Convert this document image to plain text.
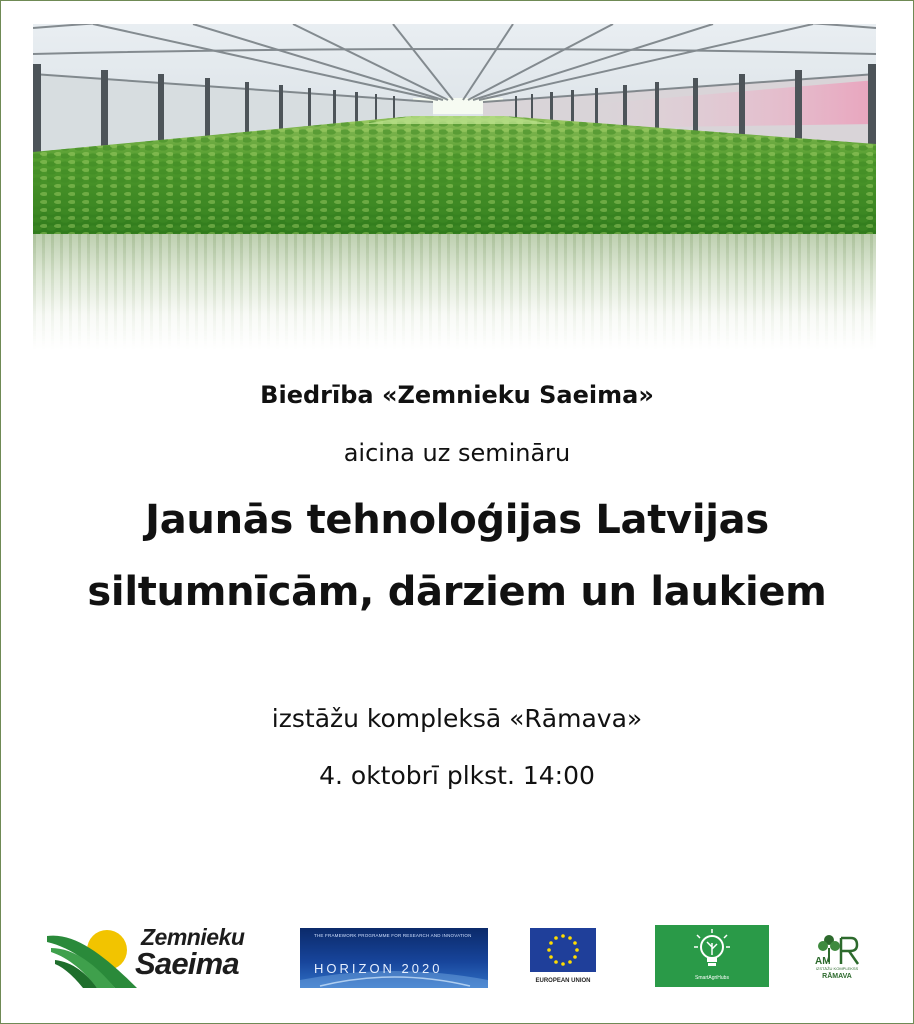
Biedrība «Zemnieku Saeima»
aicina uz semināru
Jaunās tehnoloģijas Latvijas
siltumnīcām, dārziem un laukiem
izstāžu kompleksā «Rāmava»
4. oktobrī plkst. 14:00
Zemnieku
Saeima
THE FRAMEWORK PROGRAMME FOR RESEARCH AND INNOVATION
HORIZON 2020
EUROPEAN UNION	SmartAgriHubs
AM
IZSTĀŽU KOMPLEKSS
RĀMAVA
